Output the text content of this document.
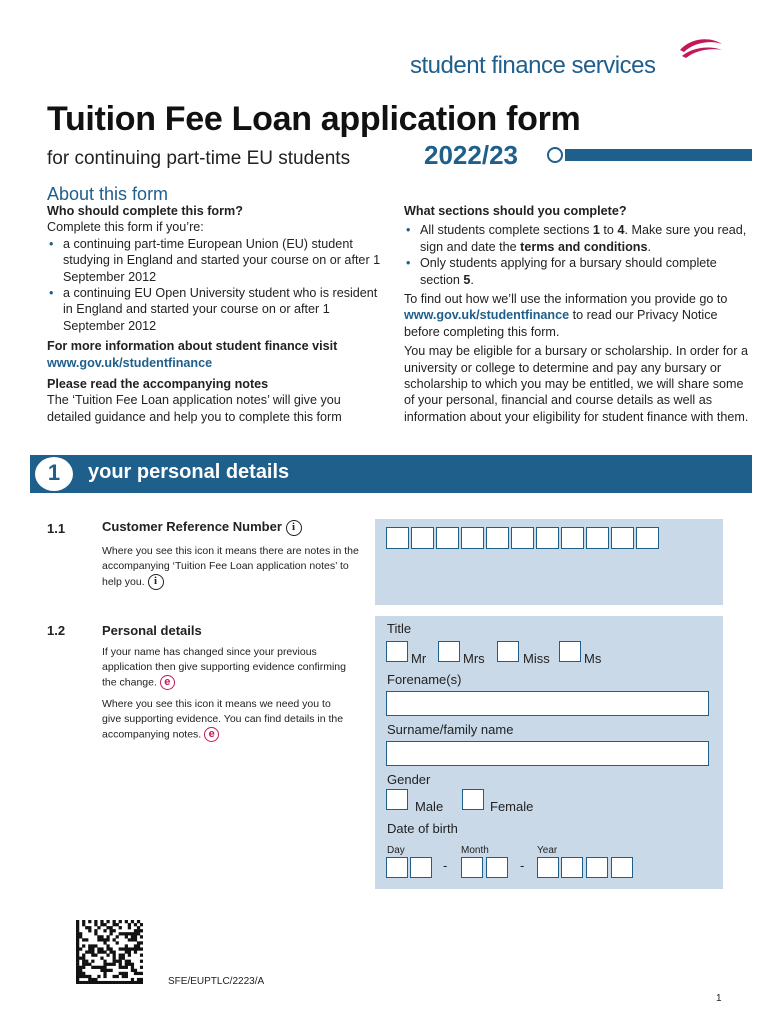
student finance services
Tuition Fee Loan application form
for continuing part-time EU students	2022/23
About this form
Who should complete this form?
Complete this form if you’re:
• a continuing part-time European Union (EU) student studying in England and started your course on or after 1 September 2012
• a continuing EU Open University student who is resident in England and started your course on or after 1 September 2012
For more information about student finance visit
www.gov.uk/studentfinance
Please read the accompanying notes
The ‘Tuition Fee Loan application notes’ will give you detailed guidance and help you to complete this form
What sections should you complete?
• All students complete sections 1 to 4. Make sure you read, sign and date the terms and conditions.
• Only students applying for a bursary should complete section 5.
To find out how we’ll use the information you provide go to www.gov.uk/studentfinance to read our Privacy Notice before completing this form.
You may be eligible for a bursary or scholarship. In order for a university or college to determine and pay any bursary or scholarship to which you may be entitled, we will share some of your personal, financial and course details as well as information about your eligibility for student finance with them.
1	your personal details
1.1	Customer Reference Number i
Where you see this icon it means there are notes in the accompanying ‘Tuition Fee Loan application notes’ to help you. i
1.2	Personal details
If your name has changed since your previous application then give supporting evidence confirming the change. e
Where you see this icon it means we need you to give supporting evidence. You can find details in the accompanying notes. e
Title
Mr	Mrs	Miss	Ms
Forename(s)
Surname/family name
Gender
Male	Female
Date of birth
Day	Month	Year
-	-
SFE/EUPTLC/2223/A
1
